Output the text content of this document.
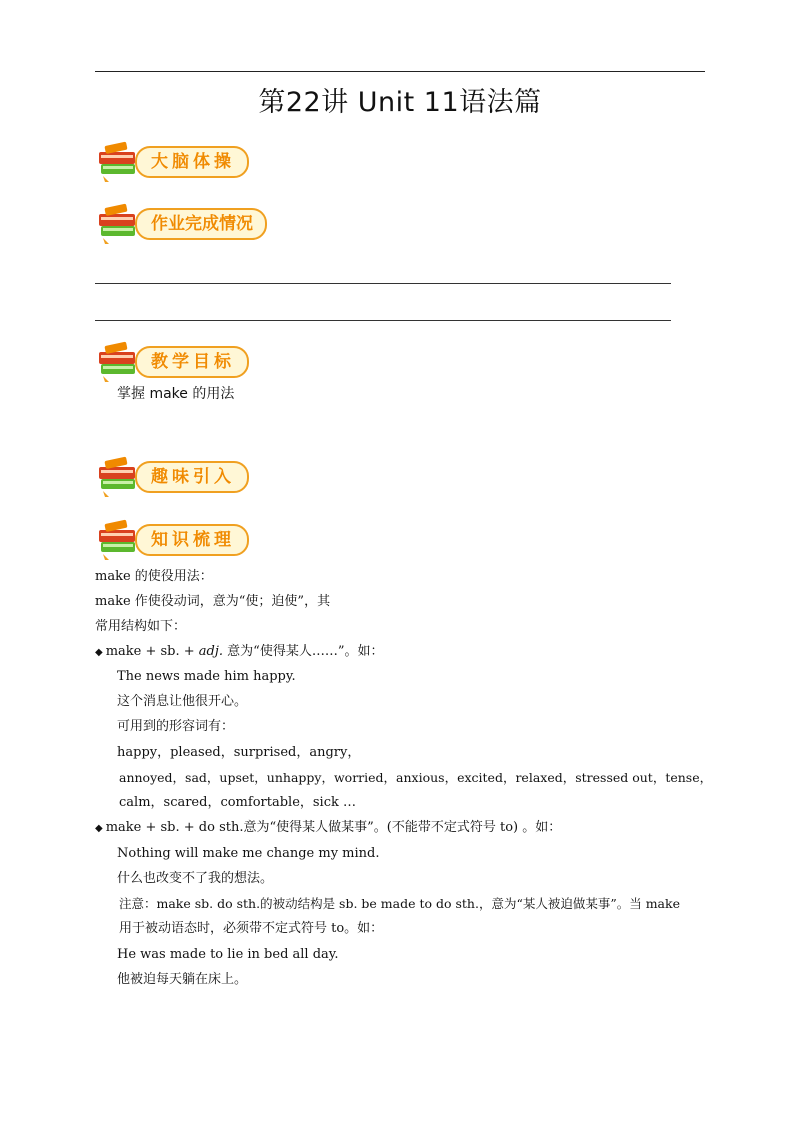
第22讲 Unit 11语法篇
大脑体操
作业完成情况
教学目标
掌握 make 的用法
趣味引入
知识梳理
make 的使役用法：
make 作使役动词，意为“使；迫使”，其
常用结构如下：
◆ make + sb. + adj. 意为“使得某人……”。如：
The news made him happy.
这个消息让他很开心。
可用到的形容词有：
happy，pleased，surprised，angry，
annoyed，sad，upset，unhappy，worried，anxious，excited，relaxed，stressed out，tense，
calm，scared，comfortable，sick …
◆ make + sb. + do sth.意为“使得某人做某事”。(不能带不定式符号 to) 。如：
Nothing will make me change my mind.
什么也改变不了我的想法。
注意：make sb. do sth.的被动结构是 sb. be made to do sth.，意为“某人被迫做某事”。当 make
用于被动语态时，必须带不定式符号 to。如：
He was made to lie in bed all day.
他被迫每天躺在床上。
